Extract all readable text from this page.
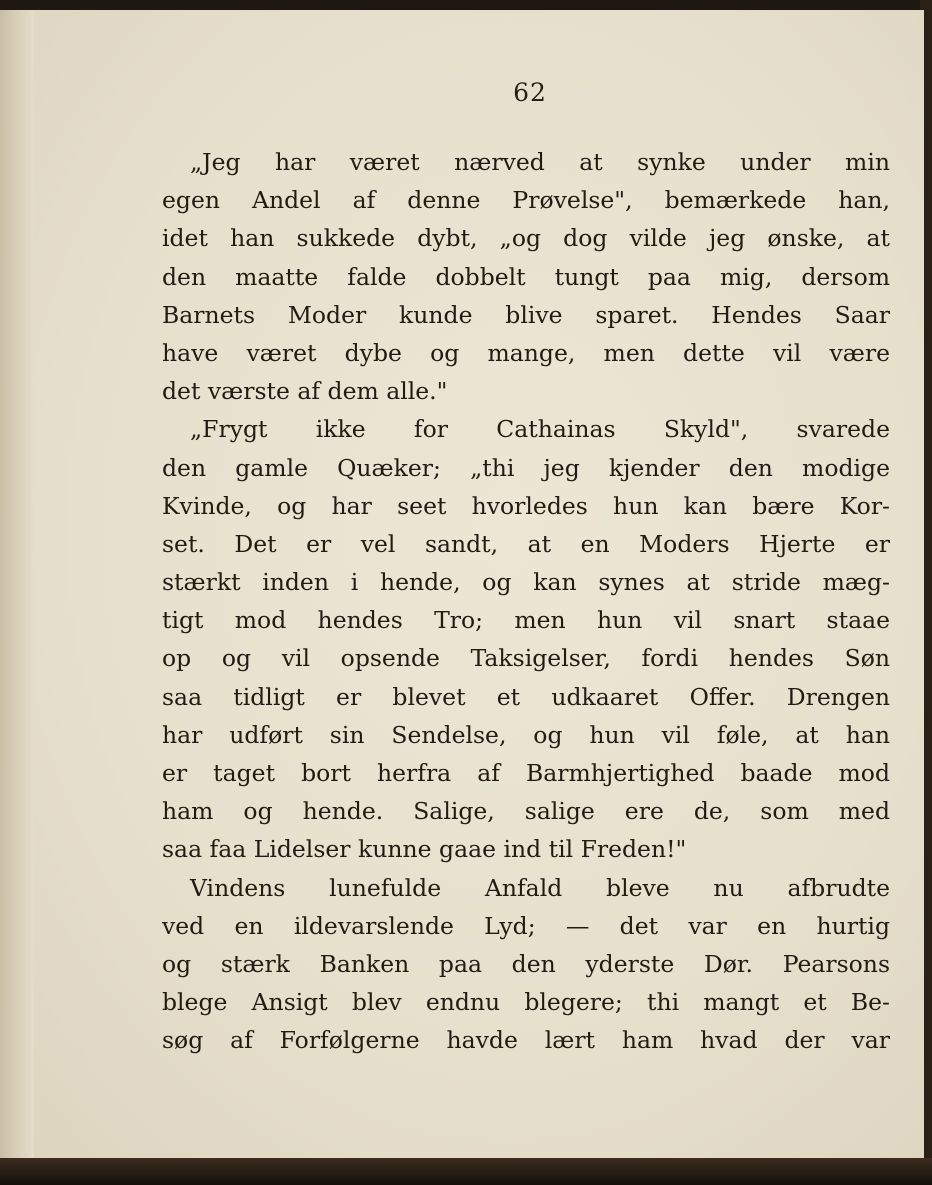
62
„Jeg har været nærved at synke under min
egen Andel af denne Prøvelse", bemærkede han,
idet han sukkede dybt, „og dog vilde jeg ønske, at
den maatte falde dobbelt tungt paa mig, dersom
Barnets Moder kunde blive sparet. Hendes Saar
have været dybe og mange, men dette vil være
det værste af dem alle."
„Frygt ikke for Cathainas Skyld", svarede
den gamle Quæker; „thi jeg kjender den modige
Kvinde, og har seet hvorledes hun kan bære Kor-
set. Det er vel sandt, at en Moders Hjerte er
stærkt inden i hende, og kan synes at stride mæg-
tigt mod hendes Tro; men hun vil snart staae
op og vil opsende Taksigelser, fordi hendes Søn
saa tidligt er blevet et udkaaret Offer. Drengen
har udført sin Sendelse, og hun vil føle, at han
er taget bort herfra af Barmhjertighed baade mod
ham og hende. Salige, salige ere de, som med
saa faa Lidelser kunne gaae ind til Freden!"
Vindens lunefulde Anfald bleve nu afbrudte
ved en ildevarslende Lyd; — det var en hurtig
og stærk Banken paa den yderste Dør. Pearsons
blege Ansigt blev endnu blegere; thi mangt et Be-
søg af Forfølgerne havde lært ham hvad der var
